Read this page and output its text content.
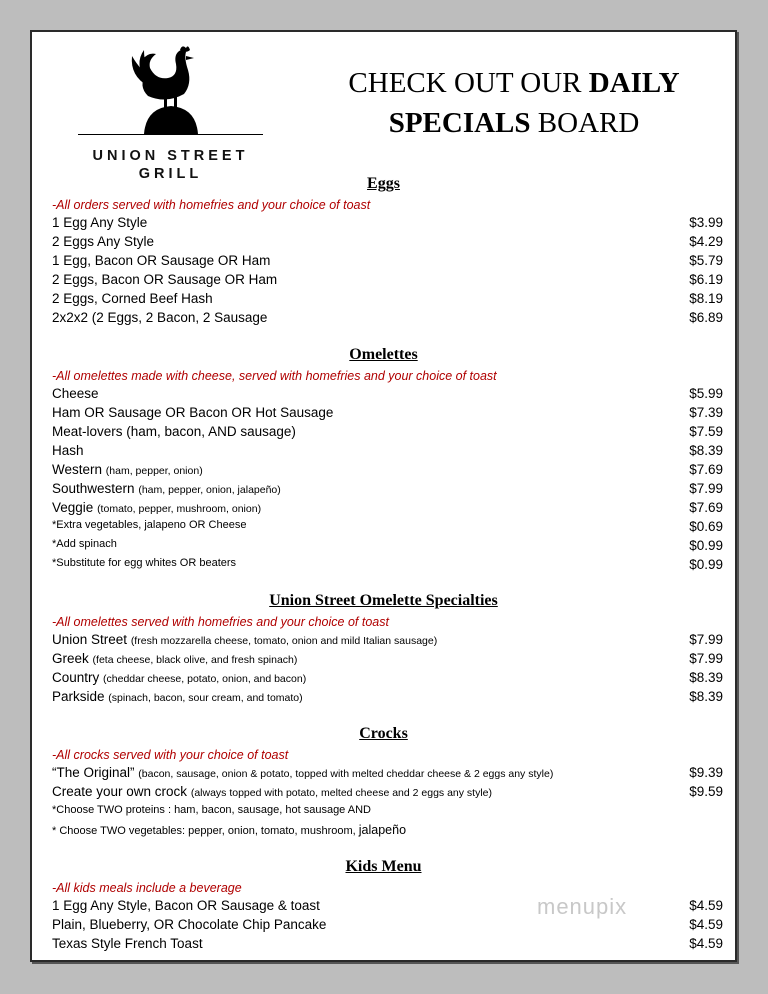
UNION STREET
GRILL
CHECK OUT OUR DAILY
SPECIALS BOARD
Eggs
-All orders served with homefries and your choice of toast
1 Egg Any Style	$3.99
2 Eggs Any Style	$4.29
1 Egg, Bacon OR Sausage OR Ham	$5.79
2 Eggs, Bacon OR Sausage OR Ham	$6.19
2 Eggs, Corned Beef Hash	$8.19
2x2x2 (2 Eggs, 2 Bacon, 2 Sausage	$6.89
Omelettes
-All omelettes made with cheese, served with homefries and your choice of toast
Cheese	$5.99
Ham OR Sausage OR Bacon OR Hot Sausage	$7.39
Meat-lovers (ham, bacon, AND sausage)	$7.59
Hash	$8.39
Western (ham, pepper, onion)	$7.69
Southwestern (ham, pepper, onion, jalapeño)	$7.99
Veggie (tomato, pepper, mushroom, onion)	$7.69
*Extra vegetables, jalapeno OR Cheese	$0.69
*Add spinach	$0.99
*Substitute for egg whites OR beaters	$0.99
Union Street Omelette Specialties
-All omelettes served with homefries and your choice of toast
Union Street (fresh mozzarella cheese, tomato, onion and mild Italian sausage)	$7.99
Greek (feta cheese, black olive, and fresh spinach)	$7.99
Country (cheddar cheese, potato, onion, and bacon)	$8.39
Parkside (spinach, bacon, sour cream, and tomato)	$8.39
Crocks
-All crocks served with your choice of toast
“The Original” (bacon, sausage, onion & potato, topped with melted cheddar cheese & 2 eggs any style)	$9.39
Create your own crock (always topped with potato, melted cheese and 2 eggs any style)	$9.59
*Choose TWO proteins : ham, bacon, sausage, hot sausage AND
* Choose TWO vegetables: pepper, onion, tomato, mushroom, jalapeño
Kids Menu
-All kids meals include a beverage
1 Egg Any Style, Bacon OR Sausage & toast	$4.59
Plain, Blueberry, OR Chocolate Chip Pancake	$4.59
Texas Style French Toast	$4.59
menupix
